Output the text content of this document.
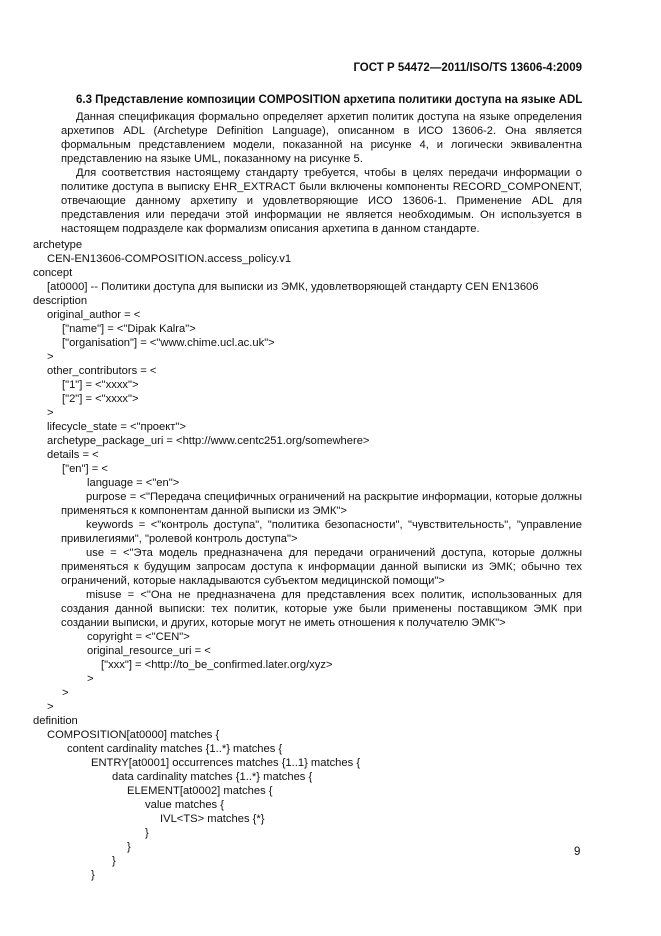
ГОСТ Р 54472—2011/ISO/TS 13606-4:2009
6.3 Представление композиции COMPOSITION архетипа политики доступа на языке ADL

Данная спецификация формально определяет архетип политик доступа на языке определения архетипов ADL (Archetype Definition Language), описанном в ИСО 13606-2. Она является формальным представлением модели, показанной на рисунке 4, и логически эквивалентна представлению на языке UML, показанному на рисунке 5.

Для соответствия настоящему стандарту требуется, чтобы в целях передачи информации о политике доступа в выписку EHR_EXTRACT были включены компоненты RECORD_COMPONENT, отвечающие данному архетипу и удовлетворяющие ИСО 13606-1. Применение ADL для представления или передачи этой информации не является необходимым. Он используется в настоящем подразделе как формализм описания архетипа в данном стандарте.

archetype
CEN-EN13606-COMPOSITION.access_policy.v1
concept
[at0000] -- Политики доступа для выписки из ЭМК, удовлетворяющей стандарту CEN EN13606
description
original_author = <
["name"] = <"Dipak Kalra">
["organisation"] = <"www.chime.ucl.ac.uk">
>
other_contributors = <
["1"] = <"xxxx">
["2"] = <"xxxx">
>
lifecycle_state = <"проект">
archetype_package_uri = <http://www.centc251.org/somewhere>
details = <
["en"] = <
language = <"en">
purpose = <"Передача специфичных ограничений на раскрытие информации, которые должны применяться к компонентам данной выписки из ЭМК">
keywords = <"контроль доступа", "политика безопасности", "чувствительность", "управление привилегиями", "ролевой контроль доступа">
use = <"Эта модель предназначена для передачи ограничений доступа, которые должны применяться к будущим запросам доступа к информации данной выписки из ЭМК; обычно тех ограничений, которые накладываются субъектом медицинской помощи">
misuse = <"Она не предназначена для представления всех политик, использованных для создания данной выписки: тех политик, которые уже были применены поставщиком ЭМК при создании выписки, и других, которые могут не иметь отношения к получателю ЭМК">
copyright = <"CEN">
original_resource_uri = <
["xxx"] = <http://to_be_confirmed.later.org/xyz>
>
>
>
definition
COMPOSITION[at0000] matches {
content cardinality matches {1..*} matches {
ENTRY[at0001] occurrences matches {1..1} matches {
data cardinality matches {1..*} matches {
ELEMENT[at0002] matches {
value matches {
IVL<TS> matches {*}
}
}
}
}
9
